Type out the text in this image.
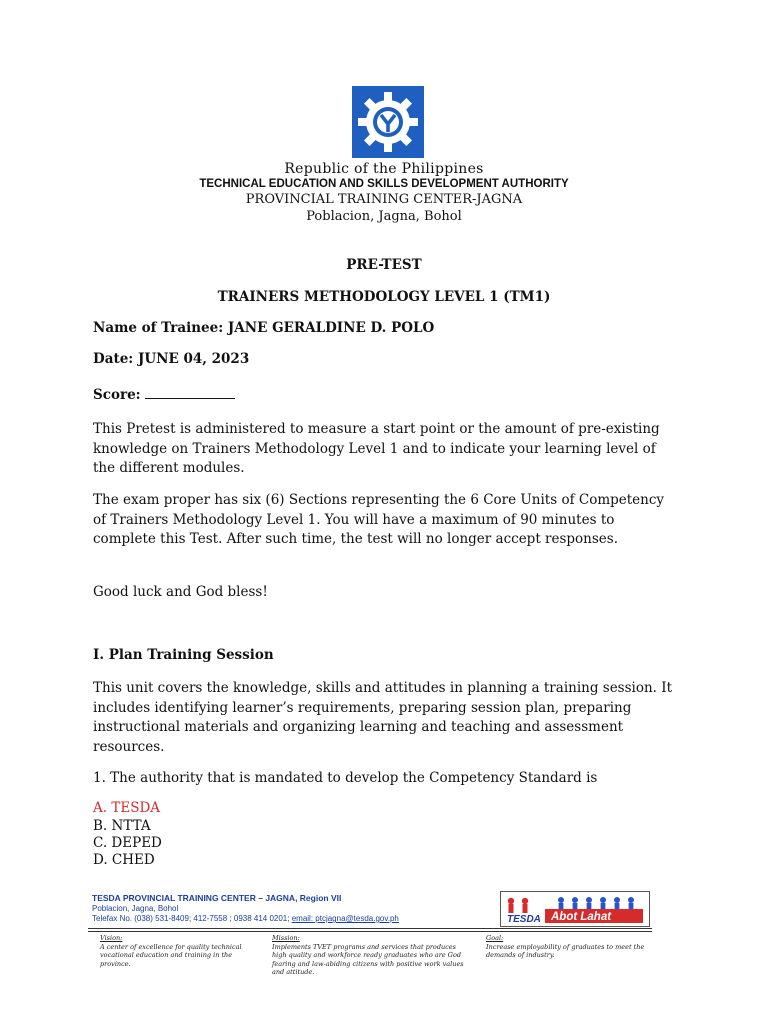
Republic of the Philippines
TECHNICAL EDUCATION AND SKILLS DEVELOPMENT AUTHORITY
PROVINCIAL TRAINING CENTER-JAGNA
Poblacion, Jagna, Bohol
PRE-TEST
TRAINERS METHODOLOGY LEVEL 1 (TM1)
Name of Trainee: JANE GERALDINE D. POLO
Date: JUNE 04, 2023
Score:
This Pretest is administered to measure a start point or the amount of pre-existing knowledge on Trainers Methodology Level 1 and to indicate your learning level of the different modules.
The exam proper has six (6) Sections representing the 6 Core Units of Competency of Trainers Methodology Level 1. You will have a maximum of 90 minutes to complete this Test. After such time, the test will no longer accept responses.
Good luck and God bless!
I. Plan Training Session
This unit covers the knowledge, skills and attitudes in planning a training session. It includes identifying learner’s requirements, preparing session plan, preparing instructional materials and organizing learning and teaching and assessment resources.
1. The authority that is mandated to develop the Competency Standard is
A. TESDA
B. NTTA
C. DEPED
D. CHED
TESDA PROVINCIAL TRAINING CENTER – JAGNA, Region VII
Poblacion, Jagna, Bohol
Telefax No. (038) 531-8409; 412-7558 ; 0938 414 0201; email: ptcjagna@tesda.gov.ph	TESDA Abot Lahat
Vision:
A center of excellence for quality technical vocational education and training in the province.
Mission:
Implements TVET programs and services that produces high quality and workforce ready graduates who are God fearing and law-abiding citizens with positive work values and attitude.
Goal:
Increase employability of graduates to meet the demands of industry.
